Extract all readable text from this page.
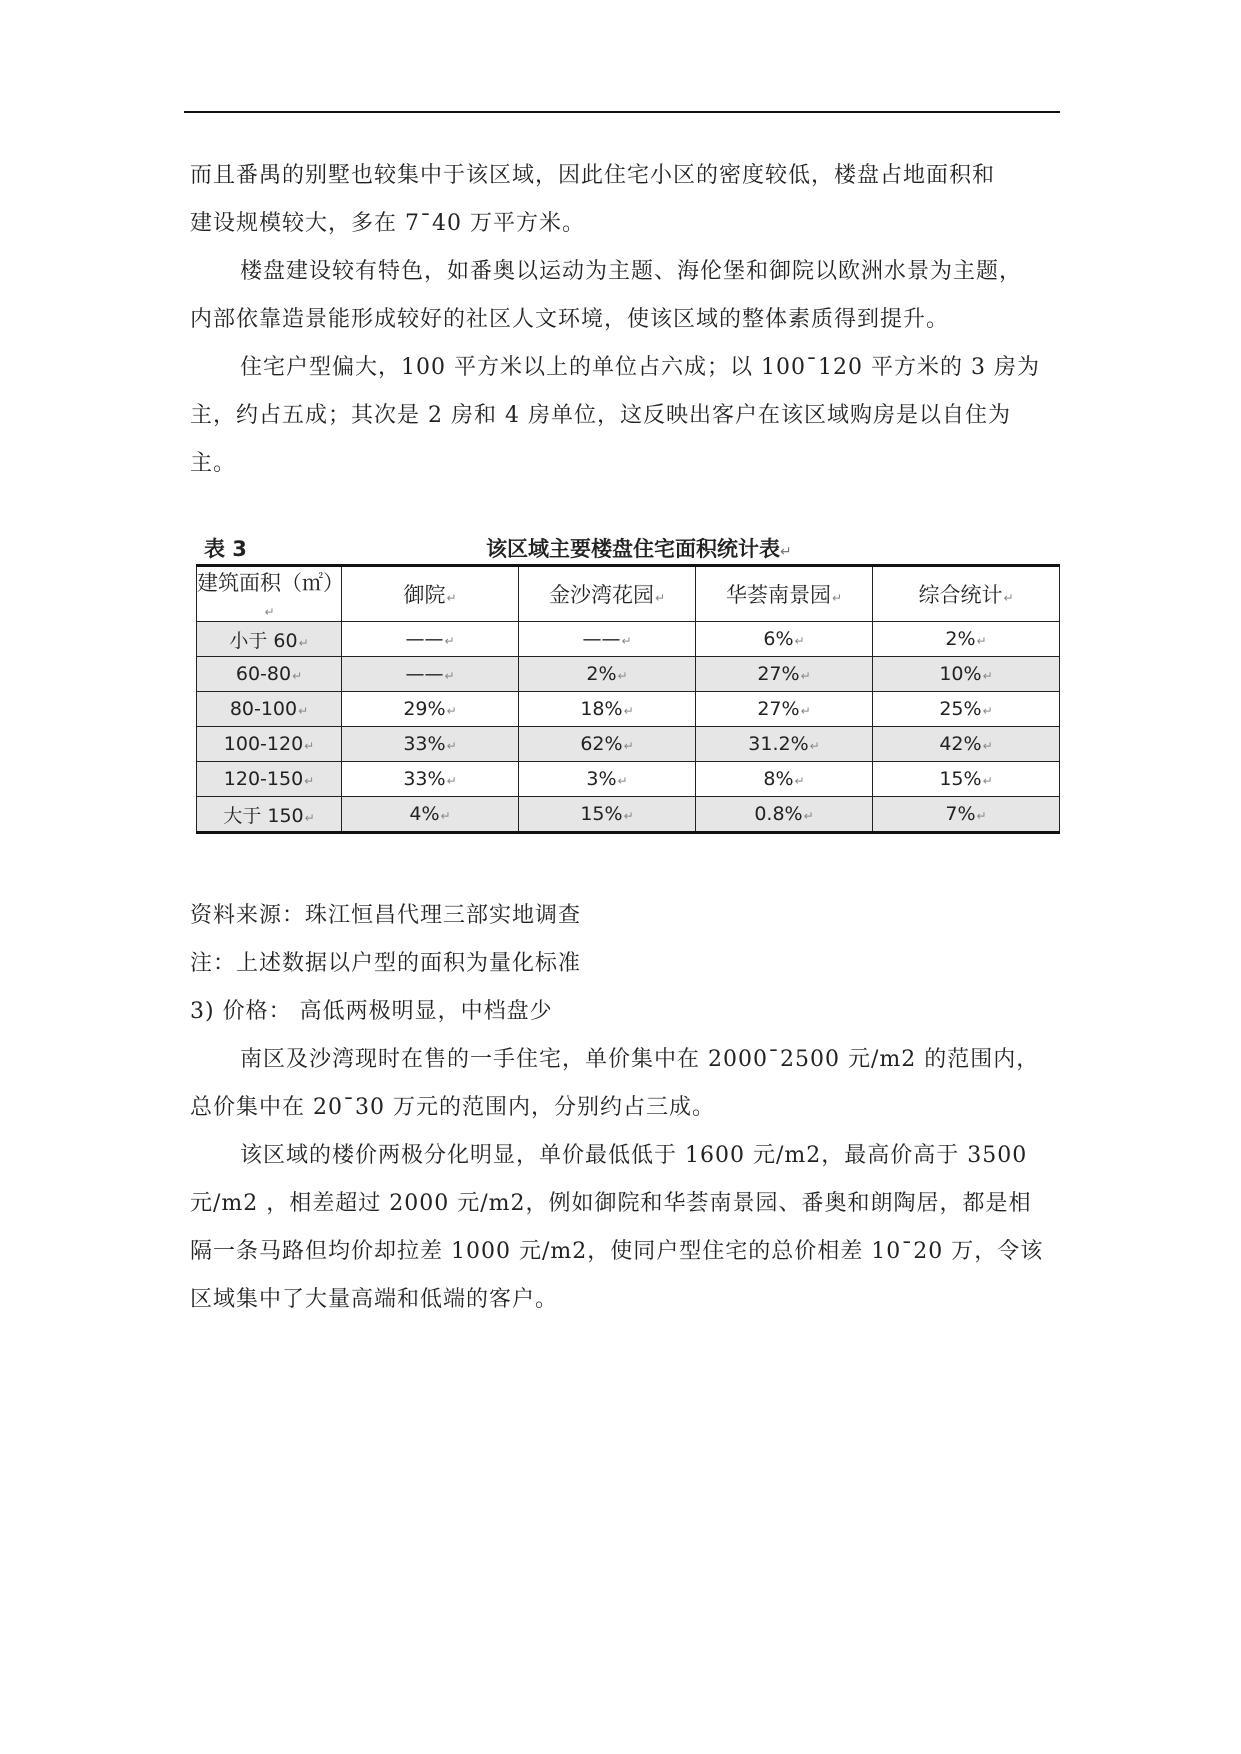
而且番禺的别墅也较集中于该区域，因此住宅小区的密度较低，楼盘占地面积和
建设规模较大，多在 7¯40 万平方米。
楼盘建设较有特色，如番奥以运动为主题、海伦堡和御院以欧洲水景为主题，
内部依靠造景能形成较好的社区人文环境，使该区域的整体素质得到提升。
住宅户型偏大，100 平方米以上的单位占六成；以 100¯120 平方米的 3 房为
主，约占五成；其次是 2 房和 4 房单位，这反映出客户在该区域购房是以自住为
主。
表 3	该区域主要楼盘住宅面积统计表↵
建筑面积（㎡）↵	御院↵	金沙湾花园↵	华荟南景园↵	综合统计↵
小于 60↵	——↵	——↵	6%↵	2%↵
60-80↵	——↵	2%↵	27%↵	10%↵
80-100↵	29%↵	18%↵	27%↵	25%↵
100-120↵	33%↵	62%↵	31.2%↵	42%↵
120-150↵	33%↵	3%↵	8%↵	15%↵
大于 150↵	4%↵	15%↵	0.8%↵	7%↵
资料来源：珠江恒昌代理三部实地调查
注：上述数据以户型的面积为量化标准
3) 价格： 高低两极明显，中档盘少
南区及沙湾现时在售的一手住宅，单价集中在 2000¯2500 元/m2 的范围内，
总价集中在 20¯30 万元的范围内，分别约占三成。
该区域的楼价两极分化明显，单价最低低于 1600 元/m2，最高价高于 3500
元/m2 ，相差超过 2000 元/m2，例如御院和华荟南景园、番奥和朗陶居，都是相
隔一条马路但均价却拉差 1000 元/m2，使同户型住宅的总价相差 10¯20 万，令该
区域集中了大量高端和低端的客户。
